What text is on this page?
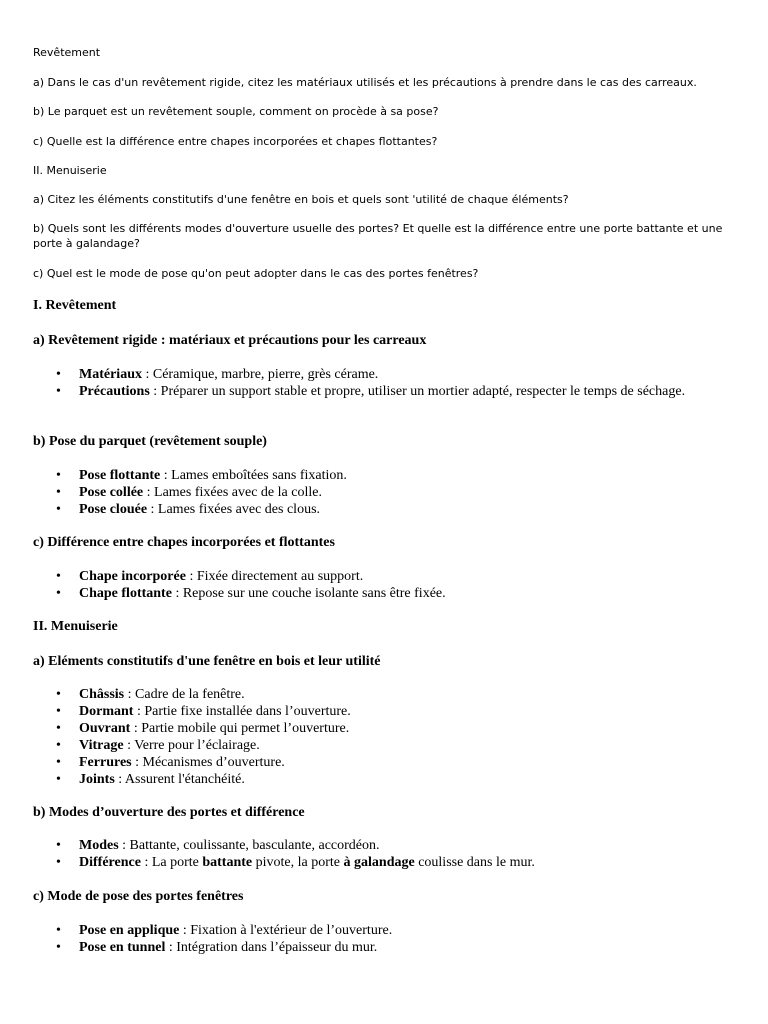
Revêtement

a) Dans le cas d'un revêtement rigide, citez les matériaux utilisés et les précautions à prendre dans le cas des carreaux.

b) Le parquet est un revêtement souple, comment on procède à sa pose?

c) Quelle est la différence entre chapes incorporées et chapes flottantes?

II. Menuiserie

a) Citez les éléments constitutifs d'une fenêtre en bois et quels sont 'utilité de chaque éléments?

b) Quels sont les différents modes d'ouverture usuelle des portes? Et quelle est la différence entre une porte battante et une porte à galandage?

c) Quel est le mode de pose qu'on peut adopter dans le cas des portes fenêtres?

I. Revêtement
a) Revêtement rigide : matériaux et précautions pour les carreaux
• Matériaux : Céramique, marbre, pierre, grès cérame.
• Précautions : Préparer un support stable et propre, utiliser un mortier adapté, respecter le temps de séchage.
b) Pose du parquet (revêtement souple)
• Pose flottante : Lames emboîtées sans fixation.
• Pose collée : Lames fixées avec de la colle.
• Pose clouée : Lames fixées avec des clous.
c) Différence entre chapes incorporées et flottantes
• Chape incorporée : Fixée directement au support.
• Chape flottante : Repose sur une couche isolante sans être fixée.
II. Menuiserie
a) Eléments constitutifs d'une fenêtre en bois et leur utilité
• Châssis : Cadre de la fenêtre.
• Dormant : Partie fixe installée dans l’ouverture.
• Ouvrant : Partie mobile qui permet l’ouverture.
• Vitrage : Verre pour l’éclairage.
• Ferrures : Mécanismes d’ouverture.
• Joints : Assurent l'étanchéité.
b) Modes d’ouverture des portes et différence
• Modes : Battante, coulissante, basculante, accordéon.
• Différence : La porte battante pivote, la porte à galandage coulisse dans le mur.
c) Mode de pose des portes fenêtres
• Pose en applique : Fixation à l'extérieur de l’ouverture.
• Pose en tunnel : Intégration dans l’épaisseur du mur.
